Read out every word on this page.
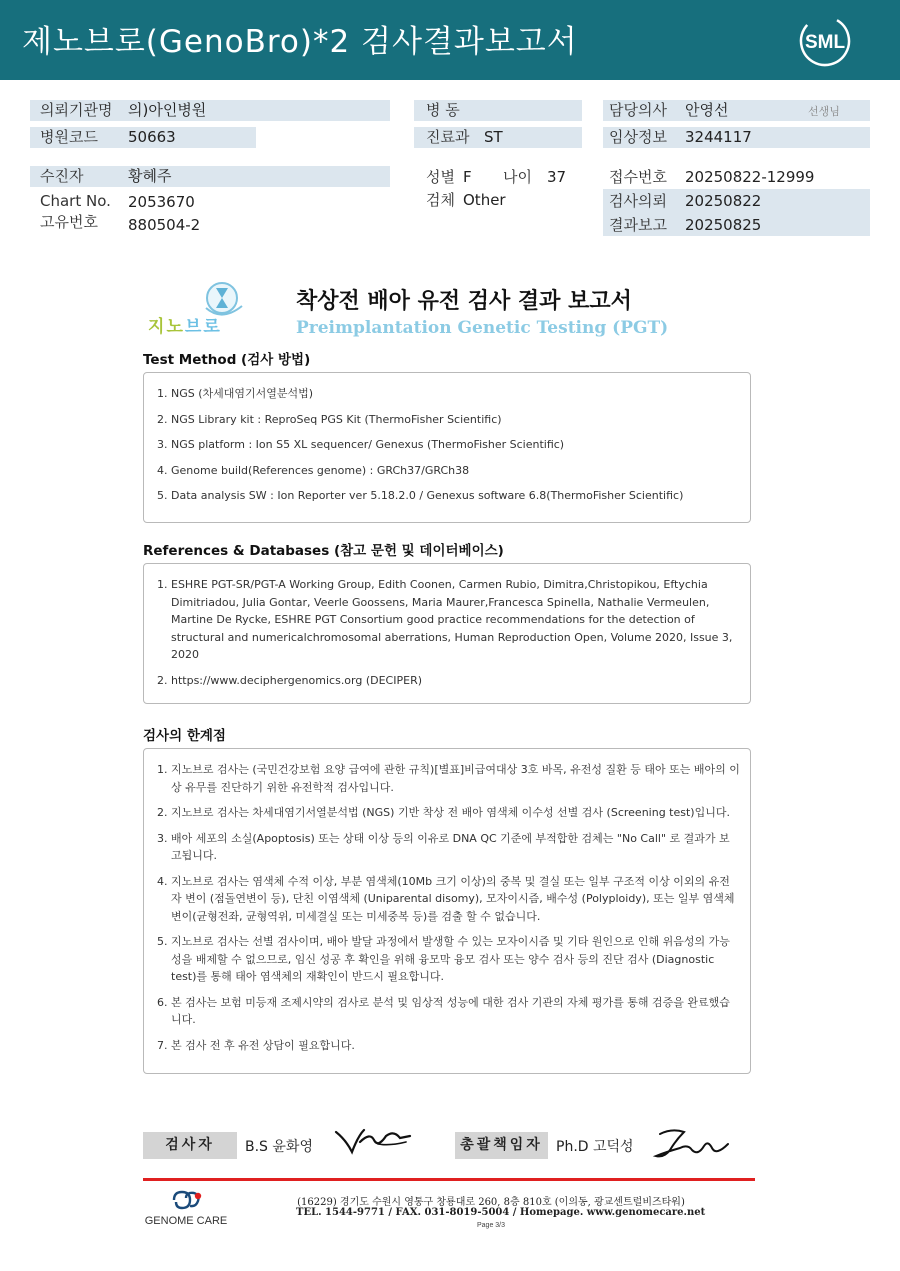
제노브로(GenoBro)*2 검사결과보고서	SML
의뢰기관명 의)아인병원
병원코드 50663
병 동
진료과 ST
담당의사 안영선	선생님
임상정보 3244117
수진자	황혜주
Chart No. 2053670
고유번호 880504-2
성별 F 나이 37
검체 Other
접수번호 20250822-12999
검사의뢰 20250822
결과보고 20250825
지노브로
착상전 배아 유전 검사 결과 보고서
Preimplantation Genetic Testing (PGT)
Test Method (검사 방법)
1. NGS (차세대염기서열분석법)
2. NGS Library kit : ReproSeq PGS Kit (ThermoFisher Scientific)
3. NGS platform : Ion S5 XL sequencer/ Genexus (ThermoFisher Scientific)
4. Genome build(References genome) : GRCh37/GRCh38
5. Data analysis SW : Ion Reporter ver 5.18.2.0 / Genexus software 6.8(ThermoFisher Scientific)
References & Databases (참고 문헌 및 데이터베이스)
1. ESHRE PGT-SR/PGT-A Working Group, Edith Coonen, Carmen Rubio, Dimitra,Christopikou, Eftychia Dimitriadou, Julia Gontar, Veerle Goossens, Maria Maurer,Francesca Spinella, Nathalie Vermeulen, Martine De Rycke, ESHRE PGT Consortium good practice recommendations for the detection of structural and numericalchromosomal aberrations, Human Reproduction Open, Volume 2020, Issue 3, 2020
2. https://www.deciphergenomics.org (DECIPER)
검사의 한계점
1. 지노브로 검사는 (국민건강보험 요양 급여에 관한 규칙)[별표]비급여대상 3호 바목, 유전성 질환 등 태아 또는 배아의 이상 유무를 진단하기 위한 유전학적 검사입니다.
2. 지노브로 검사는 차세대염기서열분석법 (NGS) 기반 착상 전 배아 염색체 이수성 선별 검사 (Screening test)입니다.
3. 배아 세포의 소실(Apoptosis) 또는 상태 이상 등의 이유로 DNA QC 기준에 부적합한 검체는 "No Call" 로 결과가 보고됩니다.
4. 지노브로 검사는 염색체 수적 이상, 부분 염색체(10Mb 크기 이상)의 중복 및 결실 또는 일부 구조적 이상 이외의 유전자 변이 (점돌연변이 등), 단친 이염색체 (Uniparental disomy), 모자이시즘, 배수성 (Polyploidy), 또는 일부 염색체 변이(균형전좌, 균형역위, 미세결실 또는 미세중복 등)를 검출 할 수 없습니다.
5. 지노브로 검사는 선별 검사이며, 배아 발달 과정에서 발생할 수 있는 모자이시즘 및 기타 원인으로 인해 위음성의 가능성을 배제할 수 없으므로, 임신 성공 후 확인을 위해 융모막 융모 검사 또는 양수 검사 등의 진단 검사 (Diagnostic test)를 통해 태아 염색체의 재확인이 반드시 필요합니다.
6. 본 검사는 보험 미등재 조제시약의 검사로 분석 및 임상적 성능에 대한 검사 기관의 자체 평가를 통해 검증을 완료했습니다.
7. 본 검사 전 후 유전 상담이 필요합니다.
검사자	B.S 윤화영	총괄책임자 Ph.D 고덕성
GENOME CARE
(16229) 경기도 수원시 영통구 창룡대로 260, 8층 810호 (이의동, 광교센트럴비즈타워)
TEL. 1544-9771 / FAX. 031-8019-5004 / Homepage. www.genomecare.net
Page 3/3
